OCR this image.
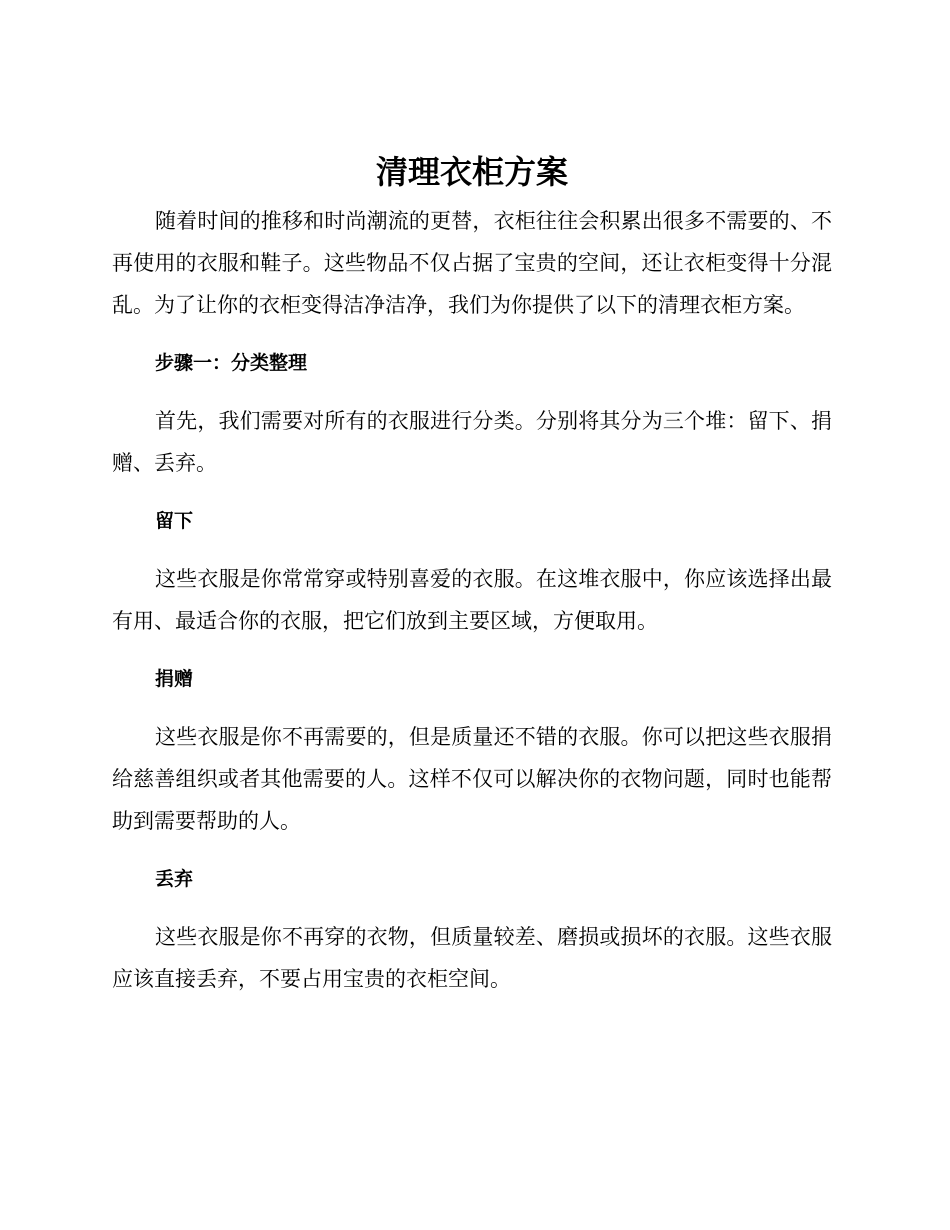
清理衣柜方案

随着时间的推移和时尚潮流的更替，衣柜往往会积累出很多不需要的、不再使用的衣服和鞋子。这些物品不仅占据了宝贵的空间，还让衣柜变得十分混乱。为了让你的衣柜变得洁净洁净，我们为你提供了以下的清理衣柜方案。

步骤一：分类整理

首先，我们需要对所有的衣服进行分类。分别将其分为三个堆：留下、捐赠、丢弃。

留下

这些衣服是你常常穿或特别喜爱的衣服。在这堆衣服中，你应该选择出最有用、最适合你的衣服，把它们放到主要区域，方便取用。

捐赠

这些衣服是你不再需要的，但是质量还不错的衣服。你可以把这些衣服捐给慈善组织或者其他需要的人。这样不仅可以解决你的衣物问题，同时也能帮助到需要帮助的人。

丢弃

这些衣服是你不再穿的衣物，但质量较差、磨损或损坏的衣服。这些衣服应该直接丢弃，不要占用宝贵的衣柜空间。
